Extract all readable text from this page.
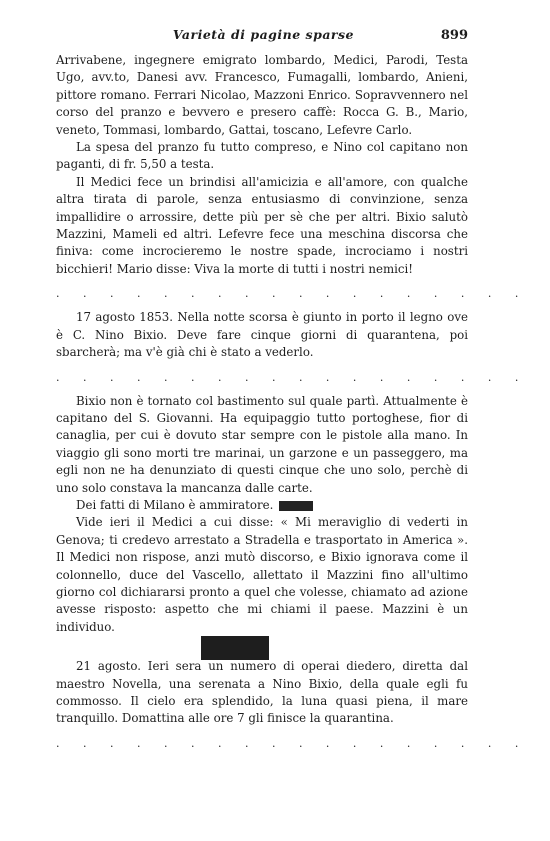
Varietà di pagine sparse	899

Arrivabene, ingegnere emigrato lombardo, Medici, Parodi, Testa Ugo, avv.to, Danesi avv. Francesco, Fumagalli, lombardo, Anieni, pittore romano. Ferrari Nicolao, Mazzoni Enrico. Sopravvennero nel corso del pranzo e bevvero e presero caffè: Rocca G. B., Mario, veneto, Tommasi, lombardo, Gattai, toscano, Lefevre Carlo.

La spesa del pranzo fu tutto compreso, e Nino col capitano non paganti, di fr. 5,50 a testa.

Il Medici fece un brindisi all'amicizia e all'amore, con qualche altra tirata di parole, senza entusiasmo di convinzione, senza impallidire o arrossire, dette più per sè che per altri. Bixio salutò Mazzini, Mameli ed altri. Lefevre fece una meschina discorsa che finiva: come incrocieremo le nostre spade, incrociamo i nostri bicchieri! Mario disse: Viva la morte di tutti i nostri nemici!

. . . . . . . . . . . . . . . . . .

17 agosto 1853. Nella notte scorsa è giunto in porto il legno ove è C. Nino Bixio. Deve fare cinque giorni di quarantena, poi sbarcherà; ma v'è già chi è stato a vederlo.

. . . . . . . . . . . . . . . . . .

Bixio non è tornato col bastimento sul quale partì. Attualmente è capitano del S. Giovanni. Ha equipaggio tutto portoghese, fior di canaglia, per cui è dovuto star sempre con le pistole alla mano. In viaggio gli sono morti tre marinai, un garzone e un passeggero, ma egli non ne ha denunziato di questi cinque che uno solo, perchè di uno solo constava la mancanza dalle carte.

Dei fatti di Milano è ammiratore.

Vide ieri il Medici a cui disse: « Mi meraviglio di vederti in Genova; ti credevo arrestato a Stradella e trasportato in America ». Il Medici non rispose, anzi mutò discorso, e Bixio ignorava come il colonnello, duce del Vascello, allettato il Mazzini fino all'ultimo giorno col dichiararsi pronto a quel che volesse, chiamato ad azione avesse risposto: aspetto che mi chiami il paese. Mazzini è un individuo.

21 agosto. Ieri sera un numero di operai diedero, diretta dal maestro Novella, una serenata a Nino Bixio, della quale egli fu commosso. Il cielo era splendido, la luna quasi piena, il mare tranquillo. Domattina alle ore 7 gli finisce la quarantina.

. . . . . . . . . . . . . . . . . .
